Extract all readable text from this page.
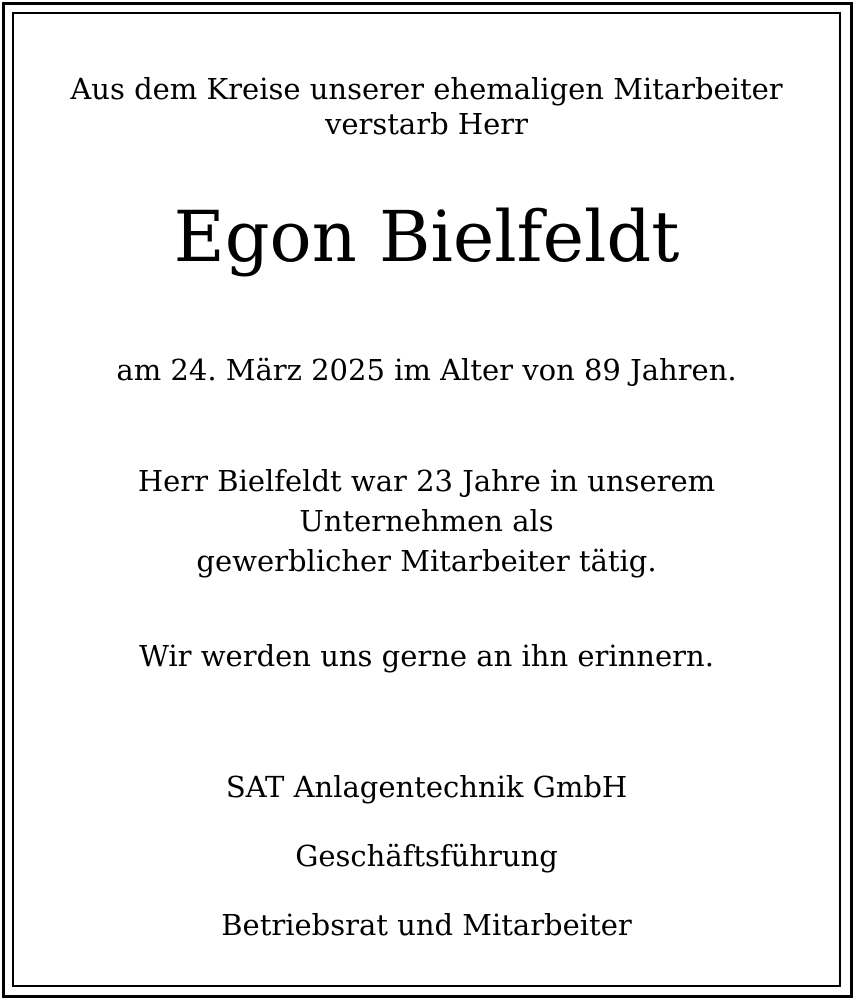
Aus dem Kreise unserer ehemaligen Mitarbeiter
verstarb Herr
Egon Bielfeldt
am 24. März 2025 im Alter von 89 Jahren.
Herr Bielfeldt war 23 Jahre in unserem
Unternehmen als
gewerblicher Mitarbeiter tätig.
Wir werden uns gerne an ihn erinnern.
SAT Anlagentechnik GmbH
Geschäftsführung
Betriebsrat und Mitarbeiter
